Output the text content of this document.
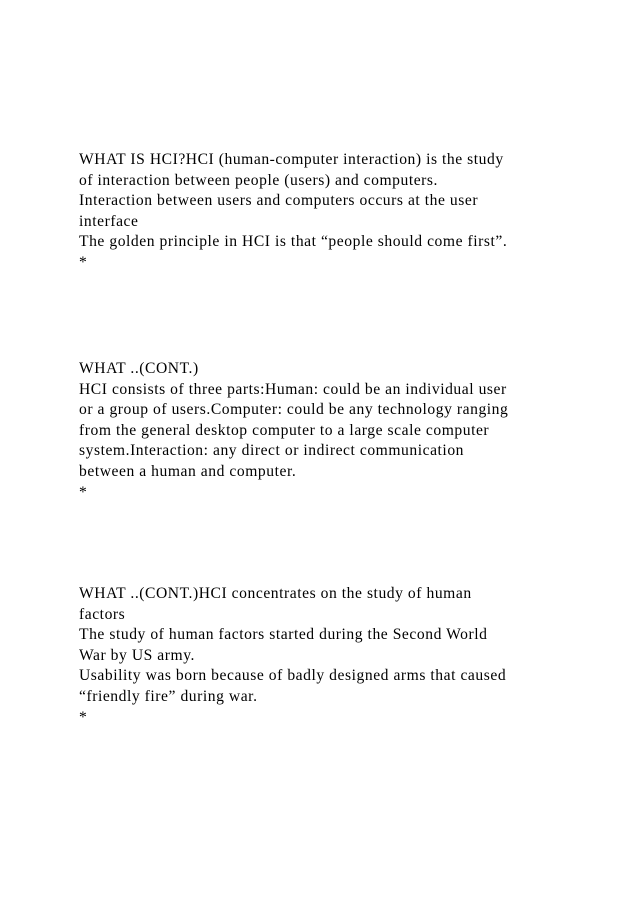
WHAT IS HCI?HCI (human-computer interaction) is the study
of interaction between people (users) and computers.
Interaction between users and computers occurs at the user
interface
The golden principle in HCI is that “people should come first”.
*
WHAT ..(CONT.)
HCI consists of three parts:Human: could be an individual user
or a group of users.Computer: could be any technology ranging
from the general desktop computer to a large scale computer
system.Interaction: any direct or indirect communication
between a human and computer.
*
WHAT ..(CONT.)HCI concentrates on the study of human
factors
The study of human factors started during the Second World
War by US army.
Usability was born because of badly designed arms that caused
“friendly fire” during war.
*
